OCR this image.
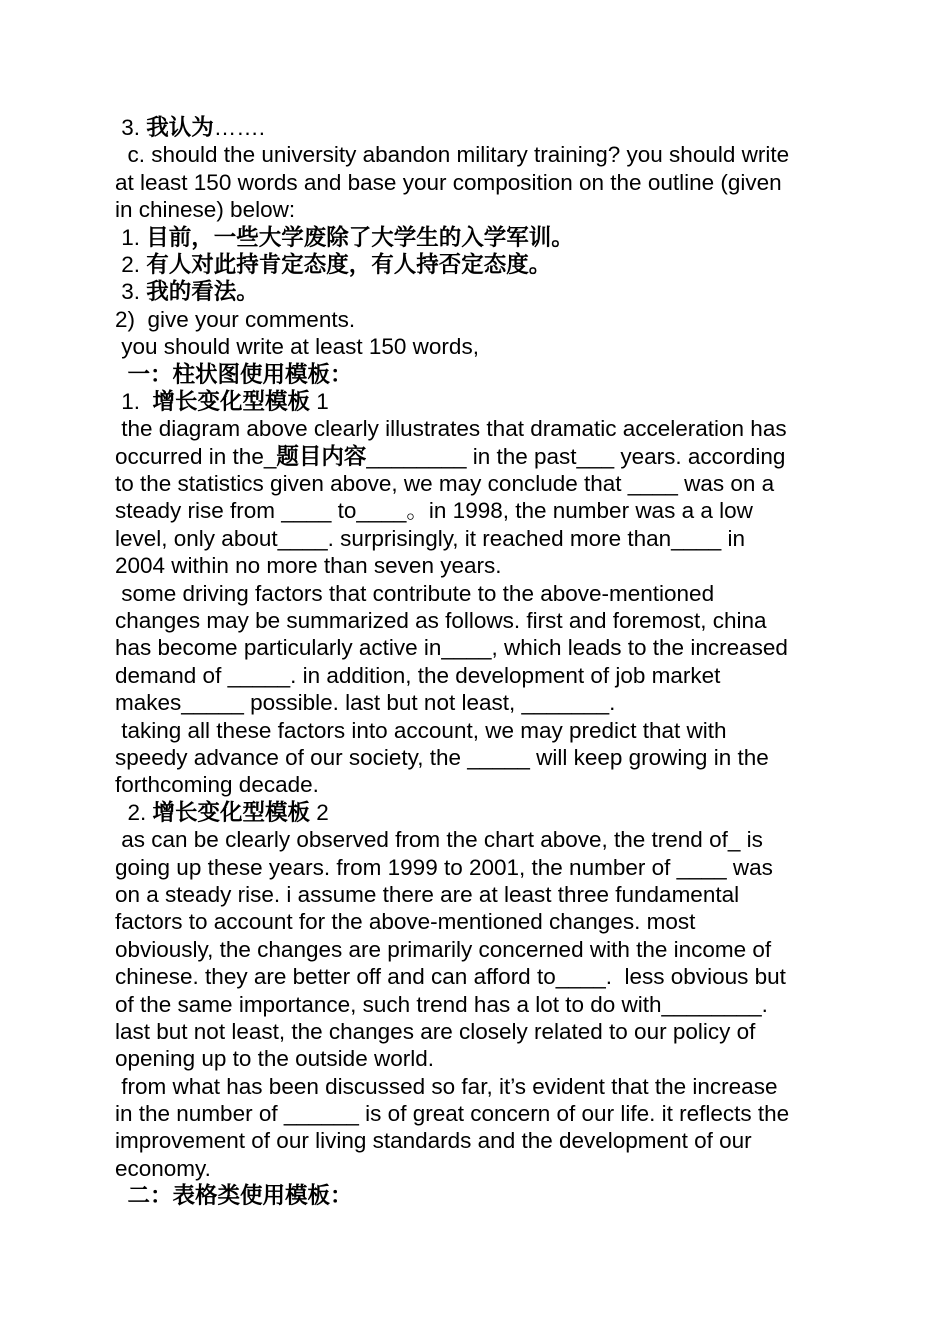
3. 我认为…….
c. should the university abandon military training? you should write
at least 150 words and base your composition on the outline (given
in chinese) below:
1. 目前，一些大学废除了大学生的入学军训。
2. 有人对此持肯定态度，有人持否定态度。
3. 我的看法。
2)  give your comments.
you should write at least 150 words,
一：柱状图使用模板：
1.  增长变化型模板 1
the diagram above clearly illustrates that dramatic acceleration has
occurred in the_题目内容________ in the past___ years. according
to the statistics given above, we may conclude that ____ was on a
steady rise from ____ to____。in 1998, the number was a a low
level, only about____. surprisingly, it reached more than____ in
2004 within no more than seven years.
some driving factors that contribute to the above-mentioned
changes may be summarized as follows. first and foremost, china
has become particularly active in____, which leads to the increased
demand of _____. in addition, the development of job market
makes_____ possible. last but not least, _______.
taking all these factors into account, we may predict that with
speedy advance of our society, the _____ will keep growing in the
forthcoming decade.
2. 增长变化型模板 2
as can be clearly observed from the chart above, the trend of_ is
going up these years. from 1999 to 2001, the number of ____ was
on a steady rise. i assume there are at least three fundamental
factors to account for the above-mentioned changes. most
obviously, the changes are primarily concerned with the income of
chinese. they are better off and can afford to____.  less obvious but
of the same importance, such trend has a lot to do with________.
last but not least, the changes are closely related to our policy of
opening up to the outside world.
from what has been discussed so far, it’s evident that the increase
in the number of ______ is of great concern of our life. it reflects the
improvement of our living standards and the development of our
economy.
二：表格类使用模板：
